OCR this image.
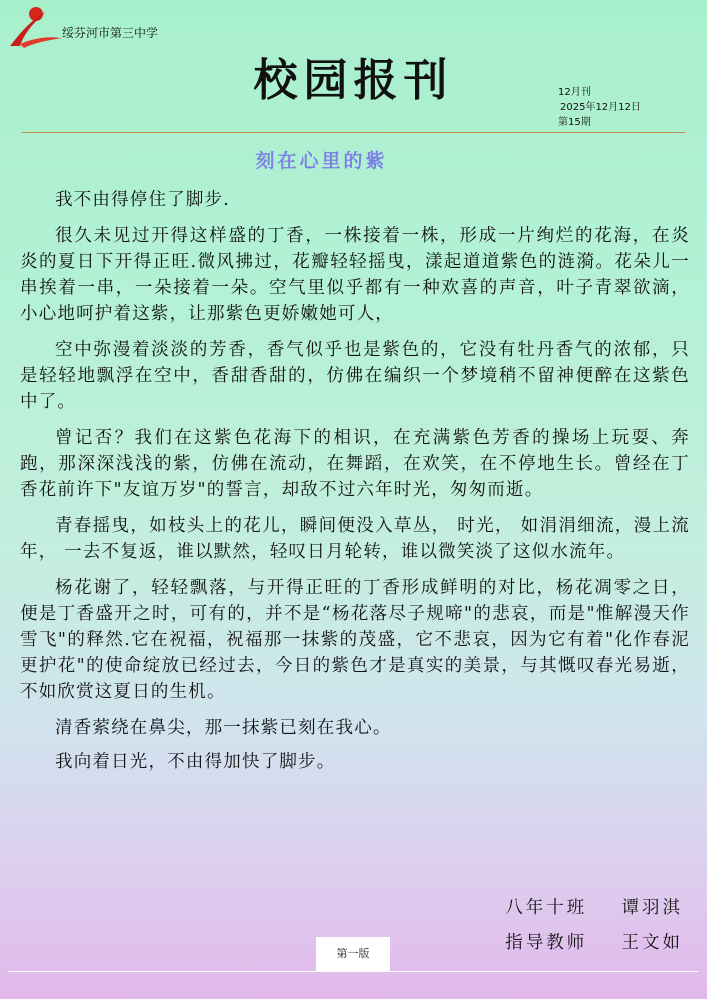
绥芬河市第三中学
校园报刊	12月刊
2025年12月12日
第15期
刻在心里的紫

我不由得停住了脚步.

很久未见过开得这样盛的丁香，一株接着一株，形成一片绚烂的花海，在炎炎的夏日下开得正旺.微风拂过，花瓣轻轻摇曳，漾起道道紫色的涟漪。花朵儿一串挨着一串，一朵接着一朵。空气里似乎都有一种欢喜的声音，叶子青翠欲滴，小心地呵护着这紫，让那紫色更娇嫩她可人，

空中弥漫着淡淡的芳香，香气似乎也是紫色的，它没有牡丹香气的浓郁，只是轻轻地飘浮在空中，香甜香甜的，仿佛在编织一个梦境稍不留神便醉在这紫色中了。

曾记否？我们在这紫色花海下的相识，在充满紫色芳香的操场上玩耍、奔跑，那深深浅浅的紫，仿佛在流动，在舞蹈，在欢笑，在不停地生长。曾经在丁香花前许下"友谊万岁"的誓言，却敌不过六年时光，匆匆而逝。

青春摇曳，如枝头上的花儿，瞬间便没入草丛， 时光， 如涓涓细流，漫上流年， 一去不复返，谁以默然，轻叹日月轮转，谁以微笑淡了这似水流年。

杨花谢了，轻轻飘落，与开得正旺的丁香形成鲜明的对比，杨花凋零之日，便是丁香盛开之时，可有的，并不是“杨花落尽子规啼"的悲哀，而是"惟解漫天作雪飞"的释然.它在祝福，祝福那一抹紫的茂盛，它不悲哀，因为它有着"化作春泥更护花"的使命绽放已经过去，今日的紫色才是真实的美景，与其慨叹春光易逝，不如欣赏这夏日的生机。

清香萦绕在鼻尖，那一抹紫已刻在我心。

我向着日光，不由得加快了脚步。

八年十班 谭羽淇
指导教师 王文如
第一版
